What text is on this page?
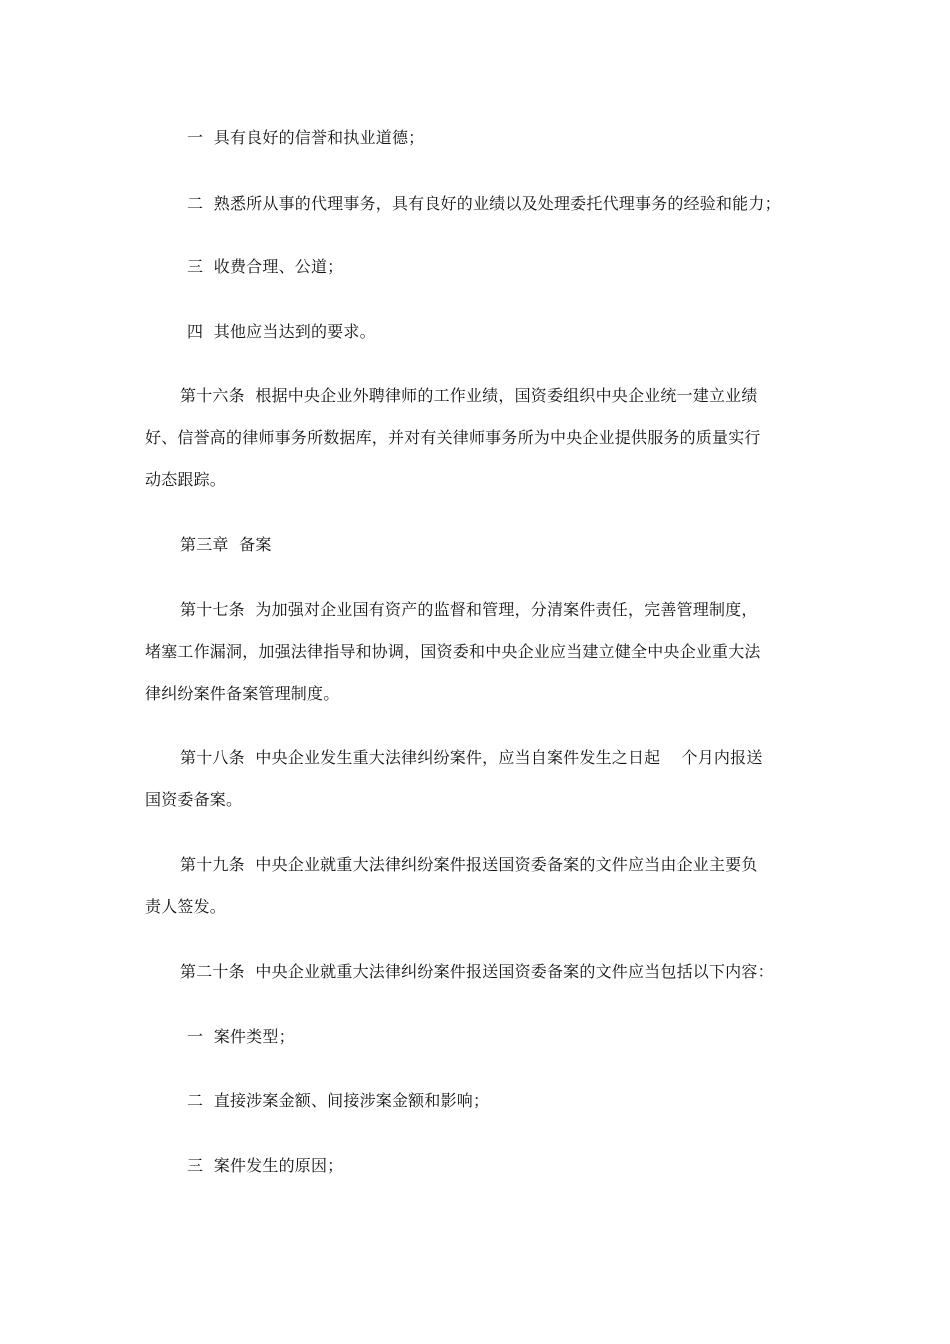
一  具有良好的信誉和执业道德；
二  熟悉所从事的代理事务，具有良好的业绩以及处理委托代理事务的经验和能力；
三  收费合理、公道；
四  其他应当达到的要求。
第十六条  根据中央企业外聘律师的工作业绩，国资委组织中央企业统一建立业绩
好、信誉高的律师事务所数据库，并对有关律师事务所为中央企业提供服务的质量实行
动态跟踪。
第三章  备案
第十七条  为加强对企业国有资产的监督和管理，分清案件责任，完善管理制度，
堵塞工作漏洞，加强法律指导和协调，国资委和中央企业应当建立健全中央企业重大法
律纠纷案件备案管理制度。
第十八条  中央企业发生重大法律纠纷案件，应当自案件发生之日起    个月内报送
国资委备案。
第十九条  中央企业就重大法律纠纷案件报送国资委备案的文件应当由企业主要负
责人签发。
第二十条  中央企业就重大法律纠纷案件报送国资委备案的文件应当包括以下内容：
一  案件类型；
二  直接涉案金额、间接涉案金额和影响；
三  案件发生的原因；
